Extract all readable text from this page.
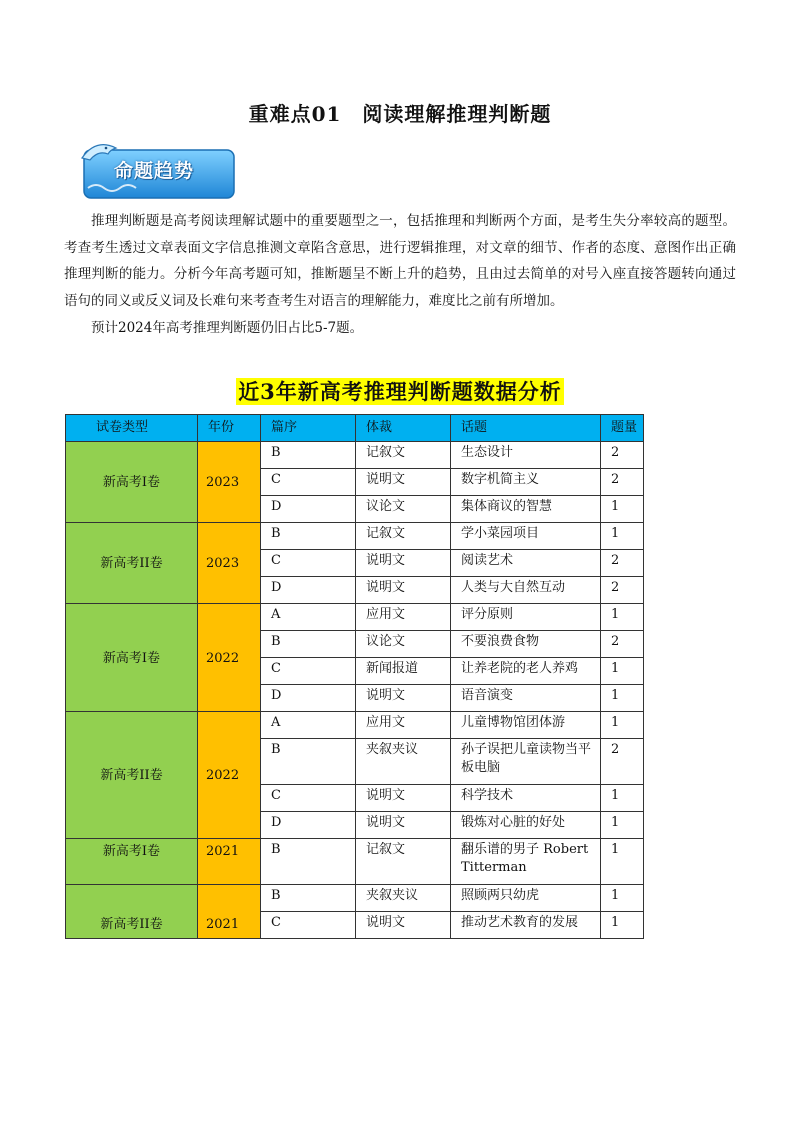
重难点01　阅读理解推理判断题
命题趋势

推理判断题是高考阅读理解试题中的重要题型之一，包括推理和判断两个方面，是考生失分率较高的题型。考查考生透过文章表面文字信息推测文章陷含意思，进行逻辑推理，对文章的细节、作者的态度、意图作出正确推理判断的能力。分析今年高考题可知，推断题呈不断上升的趋势，且由过去简单的对号入座直接答题转向通过语句的同义或反义词及长难句来考查考生对语言的理解能力，难度比之前有所增加。

预计2024年高考推理判断题仍旧占比5-7题。

近3年新高考推理判断题数据分析
试卷类型	年份	篇序	体裁	话题	题量
新高考I卷	2023	B	记叙文	生态设计	2
		C	说明文	数字机简主义	2
		D	议论文	集体商议的智慧	1
新高考II卷	2023	B	记叙文	学小菜园项目	1
		C	说明文	阅读艺术	2
		D	说明文	人类与大自然互动	2
新高考I卷	2022	A	应用文	评分原则	1
		B	议论文	不要浪费食物	2
		C	新闻报道	让养老院的老人养鸡	1
		D	说明文	语音演变	1
新高考II卷	2022	A	应用文	儿童博物馆团体游	1
		B	夹叙夹议	孙子误把儿童读物当平板电脑	2
		C	说明文	科学技术	1
		D	说明文	锻炼对心脏的好处	1
新高考I卷	2021	B	记叙文	翻乐谱的男子 Robert Titterman	1
新高考II卷	2021	B	夹叙夹议	照顾两只幼虎	1
		C	说明文	推动艺术教育的发展	1
